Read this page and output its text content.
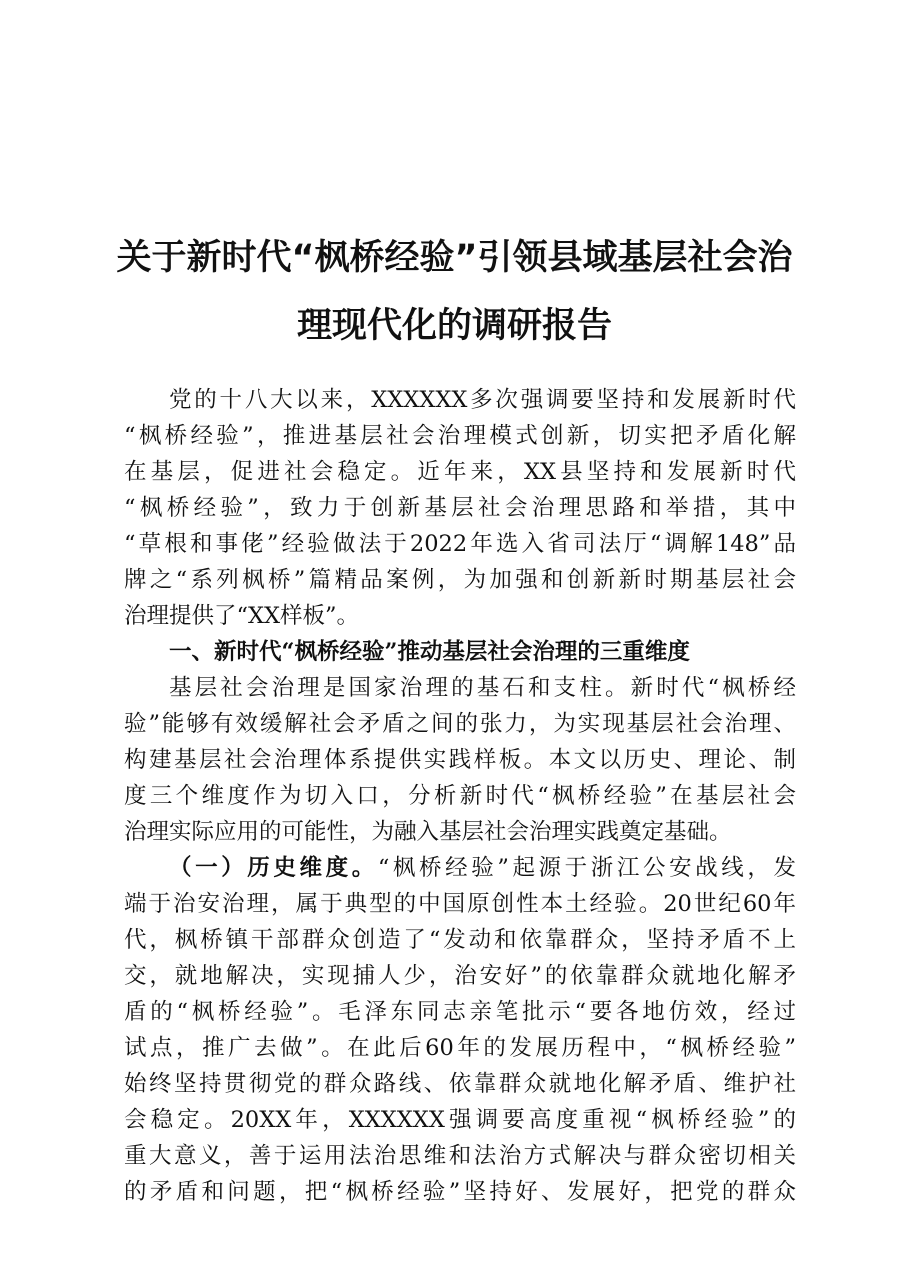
关于新时代“枫桥经验”引领县域基层社会治
理现代化的调研报告
党的十八大以来，XXXXXX多次强调要坚持和发展新时代
“枫桥经验”，推进基层社会治理模式创新，切实把矛盾化解
在基层，促进社会稳定。近年来，XX县坚持和发展新时代
“枫桥经验”，致力于创新基层社会治理思路和举措，其中
“草根和事佬”经验做法于2022年选入省司法厅“调解148”品
牌之“系列枫桥”篇精品案例，为加强和创新新时期基层社会
治理提供了“XX样板”。
一、新时代“枫桥经验”推动基层社会治理的三重维度
基层社会治理是国家治理的基石和支柱。新时代“枫桥经
验”能够有效缓解社会矛盾之间的张力，为实现基层社会治理、
构建基层社会治理体系提供实践样板。本文以历史、理论、制
度三个维度作为切入口，分析新时代“枫桥经验”在基层社会
治理实际应用的可能性，为融入基层社会治理实践奠定基础。
（一）历史维度。“枫桥经验”起源于浙江公安战线，发
端于治安治理，属于典型的中国原创性本土经验。20世纪60年
代，枫桥镇干部群众创造了“发动和依靠群众，坚持矛盾不上
交，就地解决，实现捕人少，治安好”的依靠群众就地化解矛
盾的“枫桥经验”。毛泽东同志亲笔批示“要各地仿效，经过
试点，推广去做”。在此后60年的发展历程中，“枫桥经验”
始终坚持贯彻党的群众路线、依靠群众就地化解矛盾、维护社
会稳定。20XX年，XXXXXX强调要高度重视“枫桥经验”的
重大意义，善于运用法治思维和法治方式解决与群众密切相关
的矛盾和问题，把“枫桥经验”坚持好、发展好，把党的群众
